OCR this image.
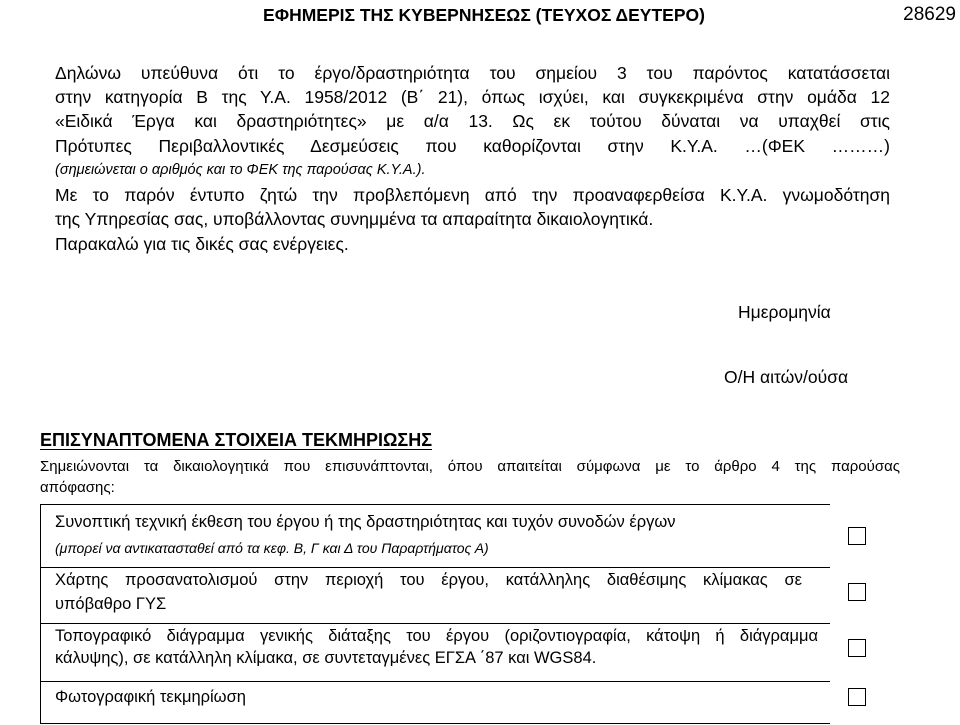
ΕΦΗΜΕΡΙΣ ΤΗΣ ΚΥΒΕΡΝΗΣΕΩΣ (ΤΕΥΧΟΣ ΔΕΥΤΕΡΟ)	28629
Δηλώνω υπεύθυνα ότι το έργο/δραστηριότητα του σημείου 3 του παρόντος κατατάσσεται
στην κατηγορία Β της Υ.Α. 1958/2012 (Β΄ 21), όπως ισχύει, και συγκεκριμένα στην ομάδα 12
«Ειδικά Έργα και δραστηριότητες» με α/α 13. Ως εκ τούτου δύναται να υπαχθεί στις
Πρότυπες Περιβαλλοντικές Δεσμεύσεις που καθορίζονται στην Κ.Υ.Α. …(ΦΕΚ ………)
(σημειώνεται ο αριθμός και το ΦΕΚ της παρούσας Κ.Υ.Α.).
Με το παρόν έντυπο ζητώ την προβλεπόμενη από την προαναφερθείσα Κ.Υ.Α. γνωμοδότηση
της Υπηρεσίας σας, υποβάλλοντας συνημμένα τα απαραίτητα δικαιολογητικά.
Παρακαλώ για τις δικές σας ενέργειες.
Ημερομηνία
Ο/Η αιτών/ούσα
ΕΠΙΣΥΝΑΠΤΟΜΕΝΑ ΣΤΟΙΧΕΙΑ ΤΕΚΜΗΡΙΩΣΗΣ
Σημειώνονται τα δικαιολογητικά που επισυνάπτονται, όπου απαιτείται σύμφωνα με το άρθρο 4 της παρούσας
απόφασης:
Συνοπτική τεχνική έκθεση του έργου ή της δραστηριότητας και τυχόν συνοδών έργων
(μπορεί να αντικατασταθεί από τα κεφ. Β, Γ και Δ του Παραρτήματος Α)
Χάρτης προσανατολισμού στην περιοχή του έργου, κατάλληλης διαθέσιμης κλίμακας σε
υπόβαθρο ΓΥΣ
Τοπογραφικό διάγραμμα γενικής διάταξης του έργου (οριζοντιογραφία, κάτοψη ή διάγραμμα
κάλυψης), σε κατάλληλη κλίμακα, σε συντεταγμένες ΕΓΣΑ ΄87 και WGS84.
Φωτογραφική τεκμηρίωση
